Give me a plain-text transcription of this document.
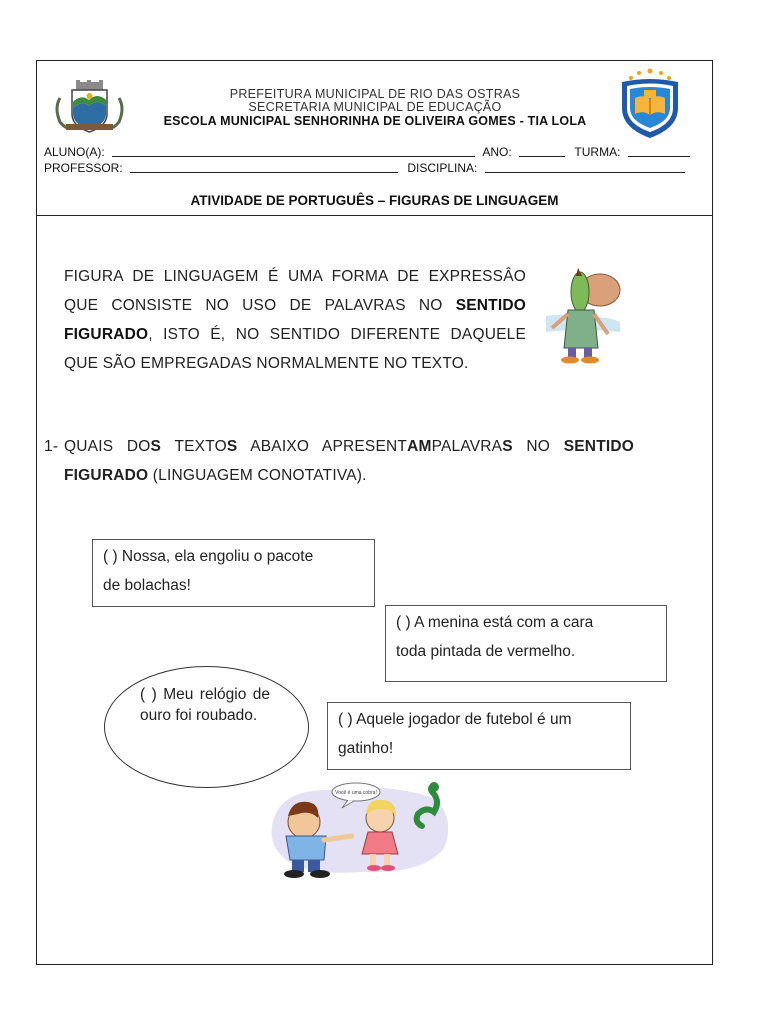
PREFEITURA MUNICIPAL DE RIO DAS OSTRAS
SECRETARIA MUNICIPAL DE EDUCAÇÃO
ESCOLA MUNICIPAL SENHORINHA DE OLIVEIRA GOMES - TIA LOLA
ALUNO(A):	ANO:	TURMA:
PROFESSOR:	DISCIPLINA:
ATIVIDADE DE PORTUGUÊS – FIGURAS DE LINGUAGEM
FIGURA DE LINGUAGEM É UMA FORMA DE EXPRESSÂO QUE CONSISTE NO USO DE PALAVRAS NO SENTIDO FIGURADO, ISTO É, NO SENTIDO DIFERENTE DAQUELE QUE SÃO EMPREGADAS NORMALMENTE NO TEXTO.
1- QUAIS DOS TEXTOS ABAIXO APRESENTAMPALAVRAS NO SENTIDO FIGURADO (LINGUAGEM CONOTATIVA).
( ) Nossa, ela engoliu o pacote
de bolachas!
( ) A menina está com a cara
toda pintada de vermelho.
( ) Meu relógio de ouro foi roubado.	( ) Aquele jogador de futebol é um
gatinho!
Você é uma cobra!
